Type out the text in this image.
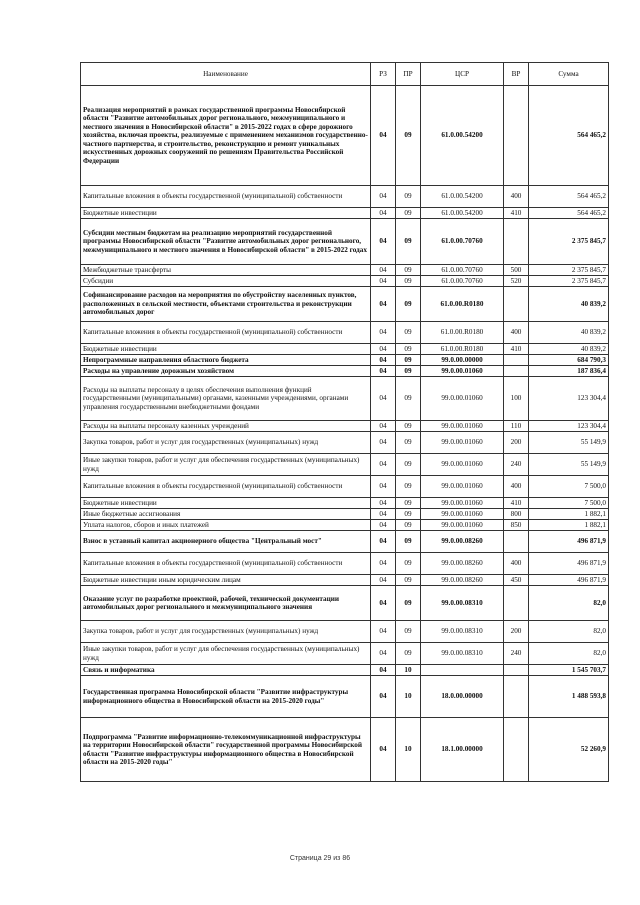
Наименование	РЗ	ПР	ЦСР	ВР	Сумма
Реализация мероприятий в рамках государственной программы Новосибирской области "Развитие автомобильных дорог регионального, межмуниципального и местного значения в Новосибирской области" в 2015-2022 годах в сфере дорожного хозяйства, включая проекты, реализуемые с применением механизмов государственно-частного партнерства, и строительство, реконструкцию и ремонт уникальных искусственных дорожных сооружений по решениям Правительства Российской Федерации	04	09	61.0.00.54200		564 465,2
Капитальные вложения в объекты государственной (муниципальной) собственности	04	09	61.0.00.54200	400	564 465,2
Бюджетные инвестиции	04	09	61.0.00.54200	410	564 465,2
Субсидии местным бюджетам на реализацию мероприятий государственной программы Новосибирской области "Развитие автомобильных дорог регионального, межмуниципального и местного значения в Новосибирской области" в 2015-2022 годах	04	09	61.0.00.70760		2 375 845,7
Межбюджетные трансферты	04	09	61.0.00.70760	500	2 375 845,7
Субсидии	04	09	61.0.00.70760	520	2 375 845,7
Софинансирование расходов на мероприятия по обустройству населенных пунктов, расположенных в сельской местности, объектами строительства и реконструкции автомобильных дорог	04	09	61.0.00.R0180		40 839,2
Капитальные вложения в объекты государственной (муниципальной) собственности	04	09	61.0.00.R0180	400	40 839,2
Бюджетные инвестиции	04	09	61.0.00.R0180	410	40 839,2
Непрограммные направления областного бюджета	04	09	99.0.00.00000		684 790,3
Расходы на управление дорожным хозяйством	04	09	99.0.00.01060		187 836,4
Расходы на выплаты персоналу в целях обеспечения выполнения функций государственными (муниципальными) органами, казенными учреждениями, органами управления государственными внебюджетными фондами	04	09	99.0.00.01060	100	123 304,4
Расходы на выплаты персоналу казенных учреждений	04	09	99.0.00.01060	110	123 304,4
Закупка товаров, работ и услуг для государственных (муниципальных) нужд	04	09	99.0.00.01060	200	55 149,9
Иные закупки товаров, работ и услуг для обеспечения государственных (муниципальных) нужд	04	09	99.0.00.01060	240	55 149,9
Капитальные вложения в объекты государственной (муниципальной) собственности	04	09	99.0.00.01060	400	7 500,0
Бюджетные инвестиции	04	09	99.0.00.01060	410	7 500,0
Иные бюджетные ассигнования	04	09	99.0.00.01060	800	1 882,1
Уплата налогов, сборов и иных платежей	04	09	99.0.00.01060	850	1 882,1
Взнос в уставный капитал акционерного общества "Центральный мост"	04	09	99.0.00.08260		496 871,9
Капитальные вложения в объекты государственной (муниципальной) собственности	04	09	99.0.00.08260	400	496 871,9
Бюджетные инвестиции иным юридическим лицам	04	09	99.0.00.08260	450	496 871,9
Оказание услуг по разработке проектной, рабочей, технической документации автомобильных дорог регионального и межмуниципального значения	04	09	99.0.00.08310		82,0
Закупка товаров, работ и услуг для государственных (муниципальных) нужд	04	09	99.0.00.08310	200	82,0
Иные закупки товаров, работ и услуг для обеспечения государственных (муниципальных) нужд	04	09	99.0.00.08310	240	82,0
Связь и информатика	04	10			1 545 703,7
Государственная программа Новосибирской области "Развитие инфраструктуры информационного общества в Новосибирской области на 2015-2020 годы"	04	10	18.0.00.00000		1 488 593,8
Подпрограмма "Развитие информационно-телекоммуникационной инфраструктуры на территории Новосибирской области" государственной программы Новосибирской области "Развитие инфраструктуры информационного общества в Новосибирской области на 2015-2020 годы"	04	10	18.1.00.00000		52 260,9
Страница 29 из 86
